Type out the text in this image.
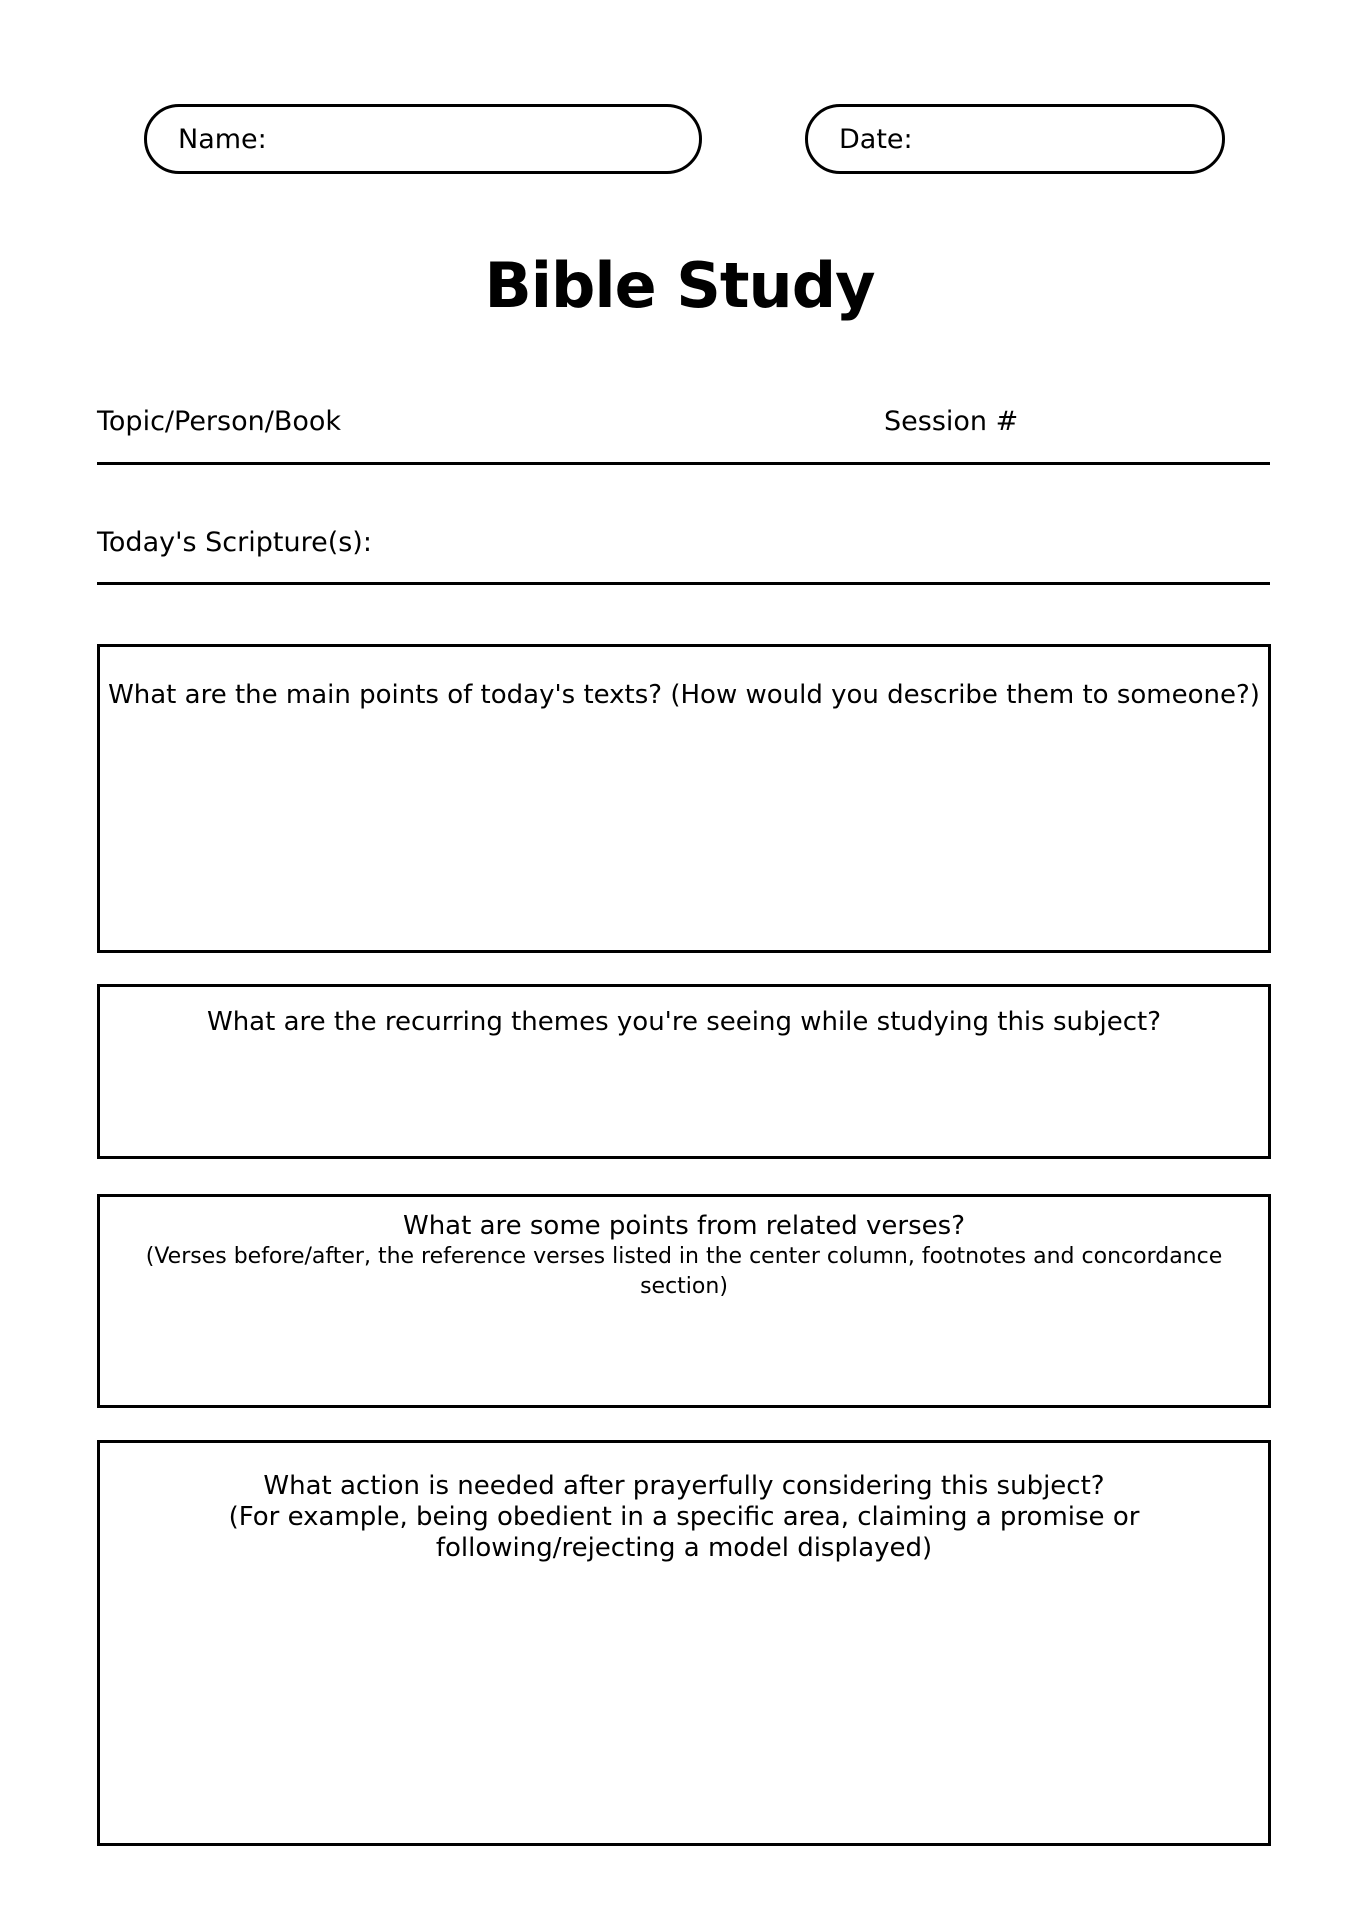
Name:	Date:
Bible Study
Topic/Person/Book	Session #
Today's Scripture(s):
What are the main points of today's texts? (How would you describe them to someone?)
What are the recurring themes you're seeing while studying this subject?
What are some points from related verses?
(Verses before/after, the reference verses listed in the center column, footnotes and concordance section)
What action is needed after prayerfully considering this subject?
(For example, being obedient in a specific area, claiming a promise or
following/rejecting a model displayed)
